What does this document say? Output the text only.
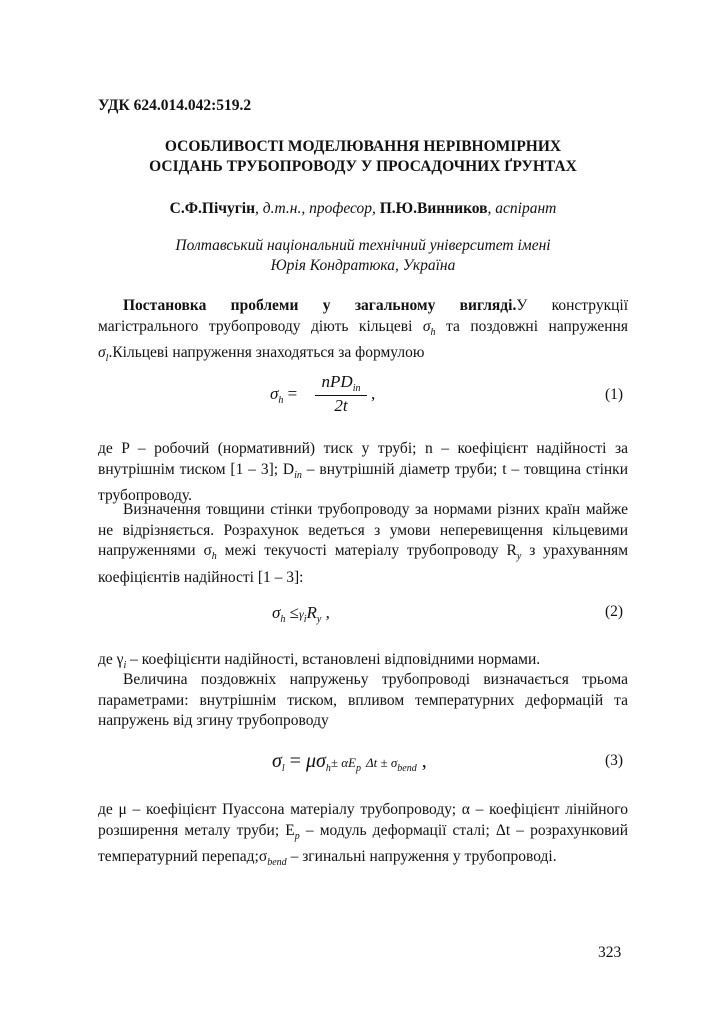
УДК 624.014.042:519.2
ОСОБЛИВОСТІ МОДЕЛЮВАННЯ НЕРІВНОМІРНИХ
ОСІДАНЬ ТРУБОПРОВОДУ У ПРОСАДОЧНИХ ҐРУНТАХ
С.Ф.Пічугін, д.т.н., професор, П.Ю.Винников, аспірант
Полтавський національний технічний університет імені
Юрія Кондратюка, Україна
Постановка проблеми у загальному вигляді.У конструкції магістрального трубопроводу діють кільцеві $\sigma_h$ та поздовжні напруження $\sigma_l.Кільцеві$ напруження знаходяться за формулою
$\sigma_h$ =
nPD$_{in}$
2t
,	(1)
де P – робочий (нормативний) тиск у трубі; n – коефіцієнт надійності за внутрішнім тиском [1 – 3]; $D_{in}$ – внутрішній діаметр труби; t – товщина стінки трубопроводу.
Визначення товщини стінки трубопроводу за нормами різних країн майже не відрізняється. Розрахунок ведеться з умови неперевищення кільцевими напруженнями $\sigma_h$ межі текучості матеріалу трубопроводу $R_y$ з урахуванням коефіцієнтів надійності [1 – 3]:
$\sigma_h \le\gamma_iR_y$ ,	(2)
де $\gamma_i$ – коефіцієнти надійності, встановлені відповідними нормами.
Величина поздовжніх напруженьу трубопроводі визначається трьома параметрами: внутрішнім тиском, впливом температурних деформацій та напружень від згину трубопроводу
$\sigma_l = \mu\sigma_h\pm \alpha E_p$ $\Delta t \pm \sigma_{bend}$ ,	(3)
де μ – коефіцієнт Пуассона матеріалу трубопроводу; α – коефіцієнт лінійного розширення металу труби; $E_p$ – модуль деформації сталі; Δt – розрахунковий температурний $перепад;\sigma_{bend}$ – згинальні напруження у трубопроводі.
323
